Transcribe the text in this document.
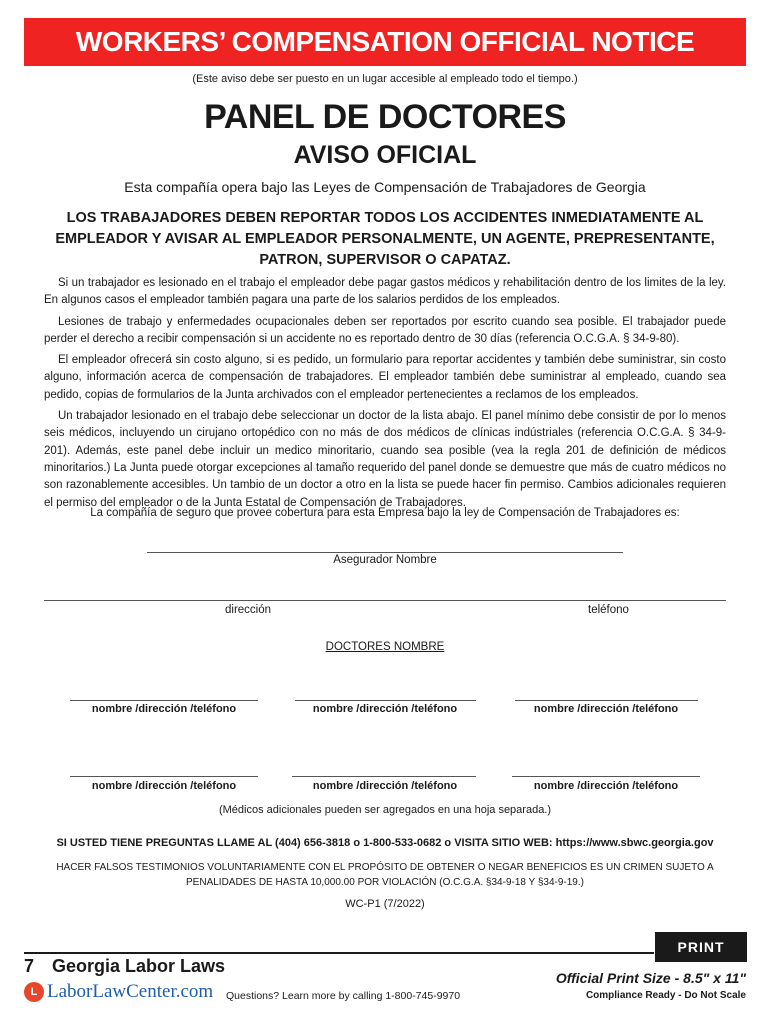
WORKERS’ COMPENSATION OFFICIAL NOTICE
(Este aviso debe ser puesto en un lugar accesible al empleado todo el tiempo.)
PANEL DE DOCTORES
AVISO OFICIAL
Esta compañía opera bajo las Leyes de Compensación de Trabajadores de Georgia
LOS TRABAJADORES DEBEN REPORTAR TODOS LOS ACCIDENTES INMEDIATAMENTE AL EMPLEADOR Y AVISAR AL EMPLEADOR PERSONALMENTE, UN AGENTE, PREPRESENTANTE, PATRON, SUPERVISOR O CAPATAZ.

Si un trabajador es lesionado en el trabajo el empleador debe pagar gastos médicos y rehabilitación dentro de los limites de la ley. En algunos casos el empleador también pagara una parte de los salarios perdidos de los empleados.

Lesiones de trabajo y enfermedades ocupacionales deben ser reportados por escrito cuando sea posible. El trabajador puede perder el derecho a recibir compensación si un accidente no es reportado dentro de 30 días (referencia O.C.G.A. § 34-9-80).

El empleador ofrecerá sin costo alguno, si es pedido, un formulario para reportar accidentes y también debe suministrar, sin costo alguno, información acerca de compensación de trabajadores. El empleador también debe suministrar al empleado, cuando sea pedido, copias de formularios de la Junta archivados con el empleador pertenecientes a reclamos de los empleados.

Un trabajador lesionado en el trabajo debe seleccionar un doctor de la lista abajo. El panel mínimo debe consistir de por lo menos seis médicos, incluyendo un cirujano ortopédico con no más de dos médicos de clínicas indústriales (referencia O.C.G.A. § 34-9-201). Además, este panel debe incluir un medico minoritario, cuando sea posible (vea la regla 201 de definición de médicos minoritarios.) La Junta puede otorgar excepciones al tamaño requerido del panel donde se demuestre que más de cuatro médicos no son razonablemente accesibles. Un tambio de un doctor a otro en la lista se puede hacer fin permiso. Cambios adicionales requieren el permiso del empleador o de la Junta Estatal de Compensación de Trabajadores.

La compañía de seguro que provee cobertura para esta Empresa bajo la ley de Compensación de Trabajadores es:
Asegurador Nombre
dirección	teléfono
DOCTORES NOMBRE
nombre /dirección /teléfono	nombre /dirección /teléfono	nombre /dirección /teléfono
nombre /dirección /teléfono	nombre /dirección /teléfono	nombre /dirección /teléfono
(Médicos adicionales pueden ser agregados en una hoja separada.)
SI USTED TIENE PREGUNTAS LLAME AL (404) 656-3818 o 1-800-533-0682 o VISITA SITIO WEB: https://www.sbwc.georgia.gov
HACER FALSOS TESTIMONIOS VOLUNTARIAMENTE CON EL PROPÓSITO DE OBTENER O NEGAR BENEFICIOS ES UN CRIMEN SUJETO A PENALIDADES DE HASTA 10,000.00 POR VIOLACIÓN (O.C.G.A. §34-9-18 Y §34-9-19.)
WC-P1 (7/2022)
PRINT
7 Georgia Labor Laws
L LaborLawCenter.com Questions? Learn more by calling 1-800-745-9970
Official Print Size - 8.5" x 11"
Compliance Ready - Do Not Scale
